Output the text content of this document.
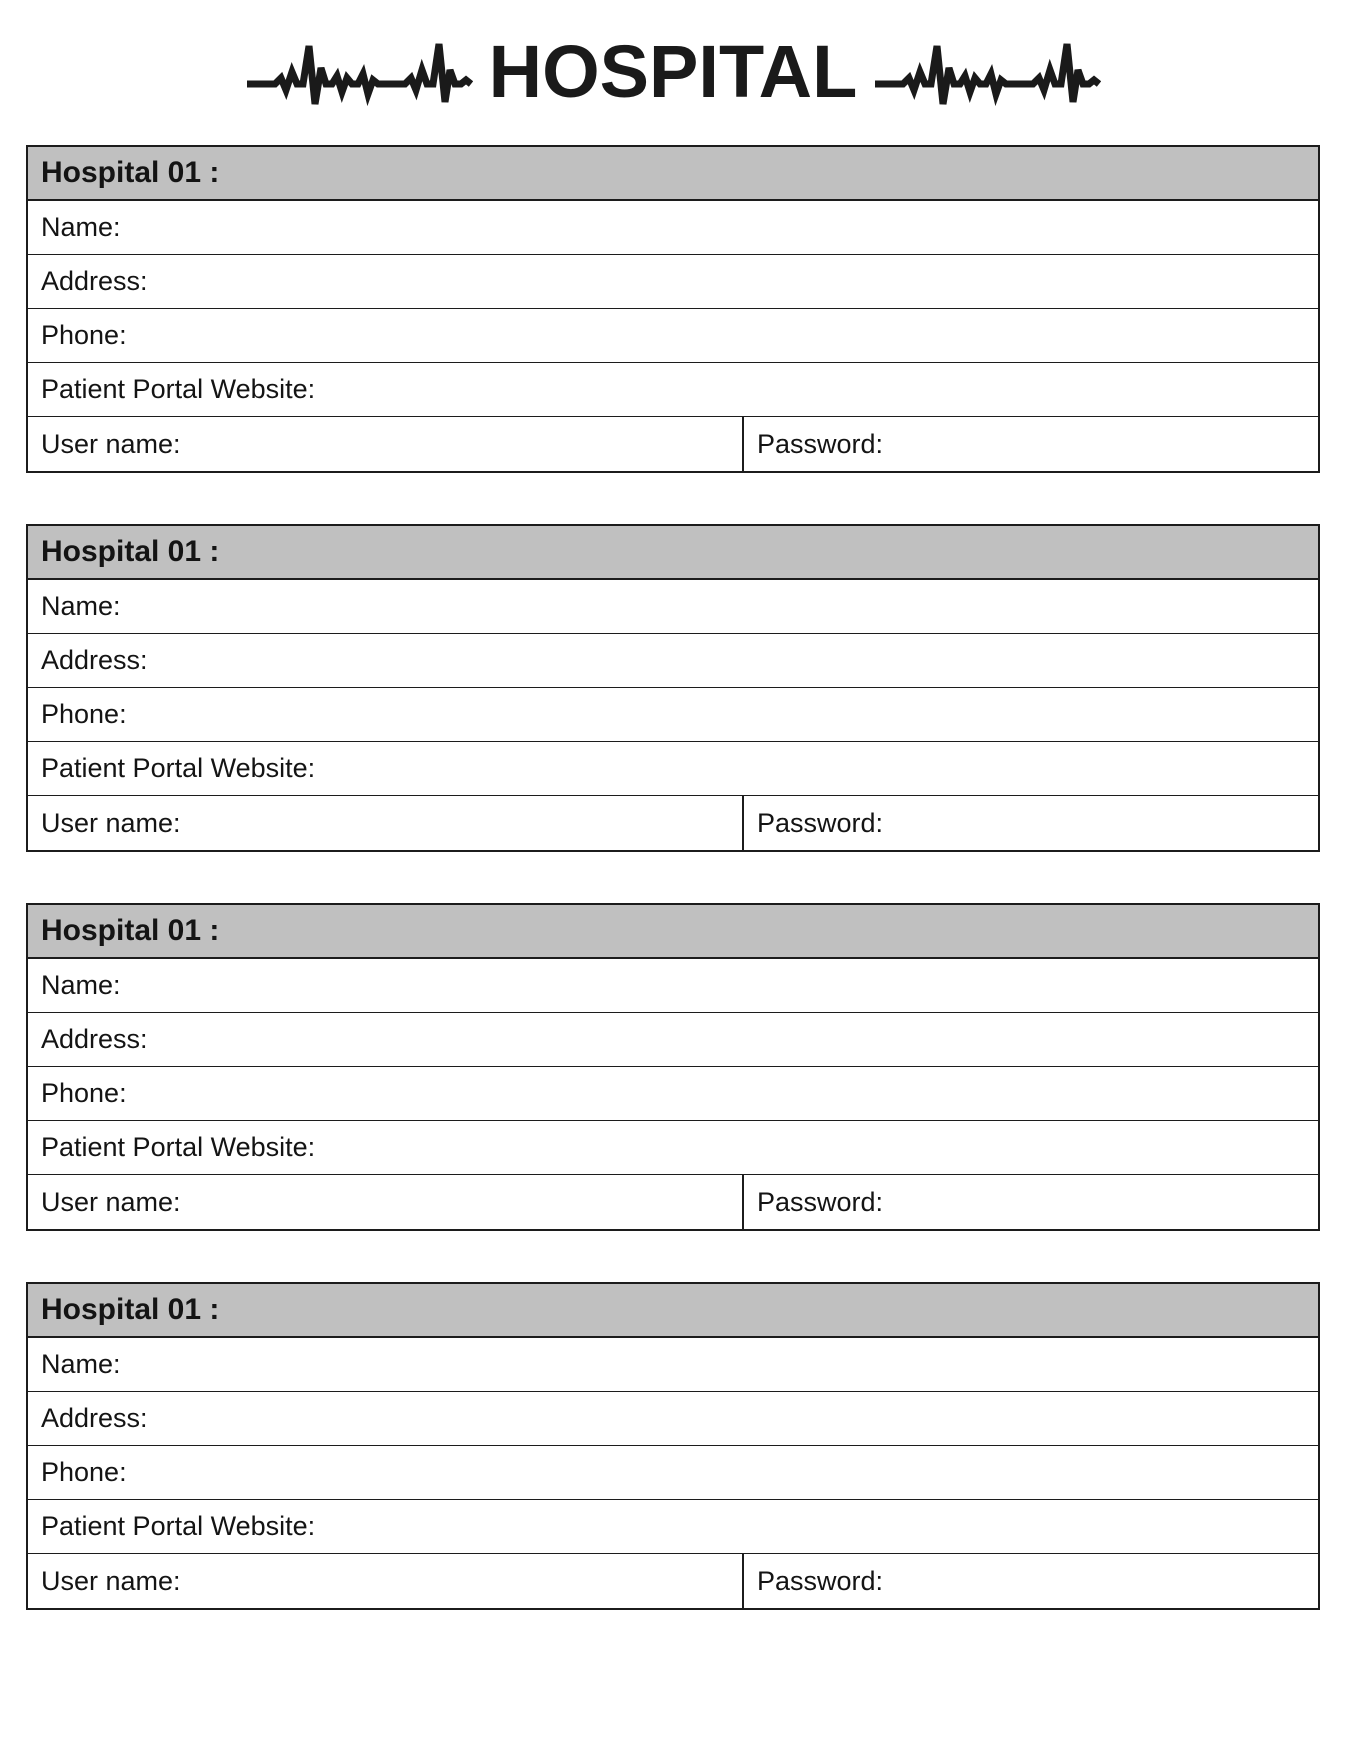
HOSPITAL
Hospital 01 :
Name:
Address:
Phone:
Patient Portal Website:
User name:	Password:
Hospital 01 :
Name:
Address:
Phone:
Patient Portal Website:
User name:	Password:
Hospital 01 :
Name:
Address:
Phone:
Patient Portal Website:
User name:	Password:
Hospital 01 :
Name:
Address:
Phone:
Patient Portal Website:
User name:	Password:
